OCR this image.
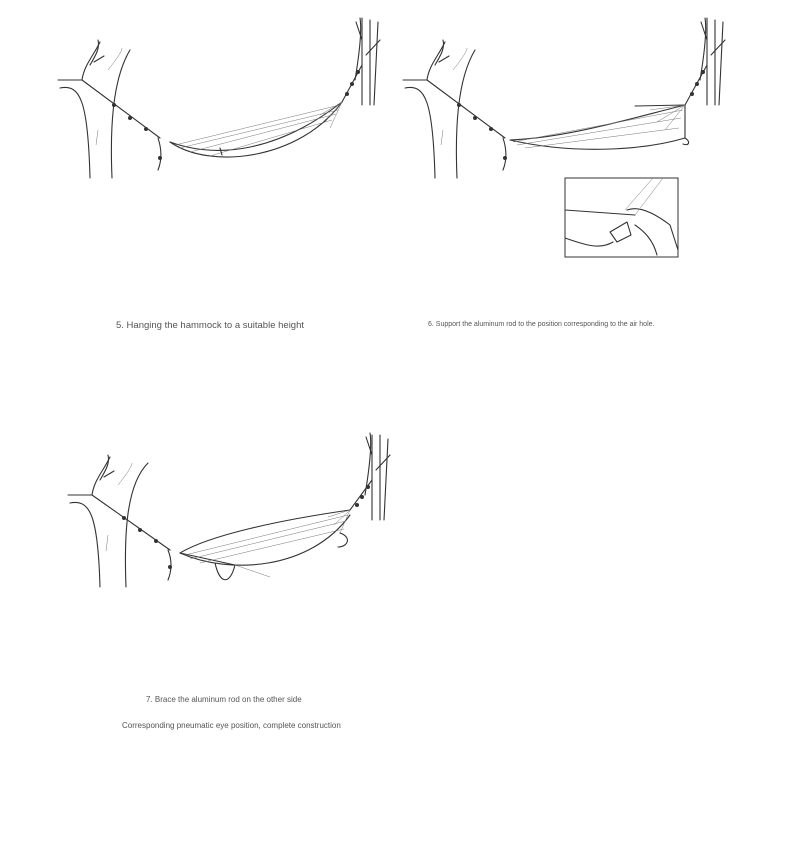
5. Hanging the hammock to a suitable height	6. Support the aluminum rod to the position corresponding to the air hole.
7. Brace the aluminum rod on the other side
Corresponding pneumatic eye position, complete construction
